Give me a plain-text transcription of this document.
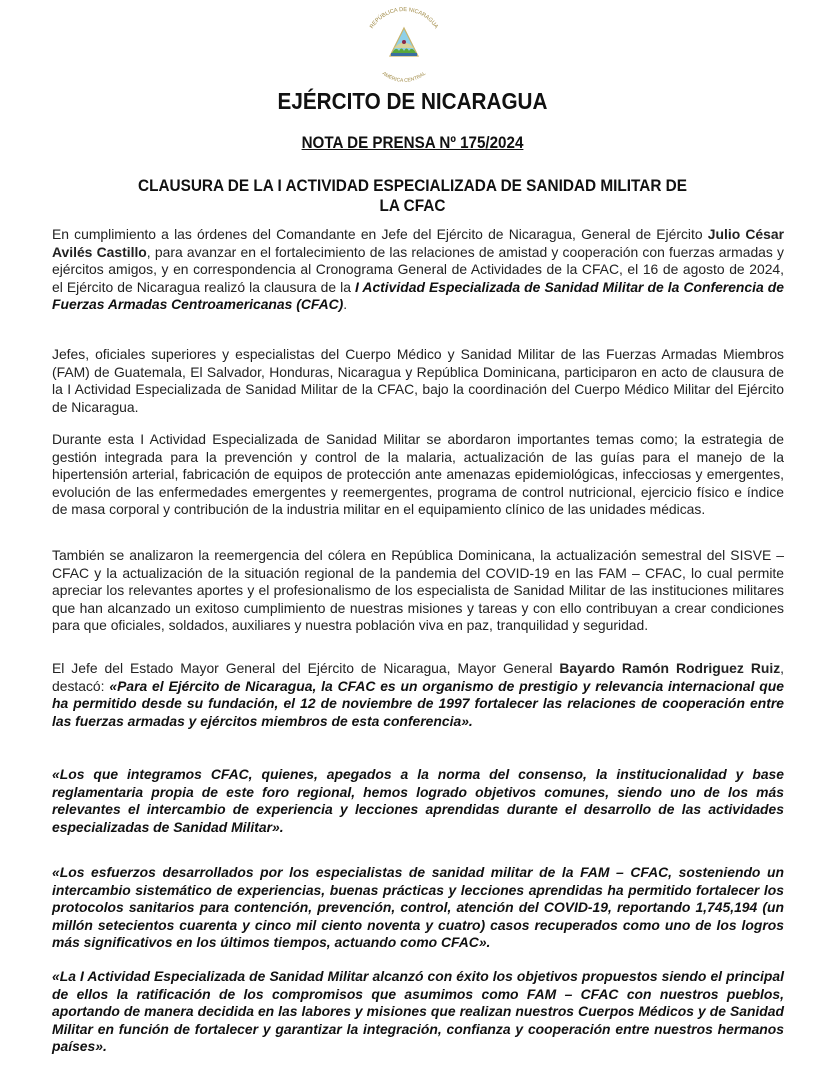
REPÚBLICA DE NICARAGUA
AMÉRICA CENTRAL
EJÉRCITO DE NICARAGUA
NOTA DE PRENSA Nº 175/2024
CLAUSURA DE LA I ACTIVIDAD ESPECIALIZADA DE SANIDAD MILITAR DE
LA CFAC

En cumplimiento a las órdenes del Comandante en Jefe del Ejército de Nicaragua, General de Ejército Julio César Avilés Castillo, para avanzar en el fortalecimiento de las relaciones de amistad y cooperación con fuerzas armadas y ejércitos amigos, y en correspondencia al Cronograma General de Actividades de la CFAC, el 16 de agosto de 2024, el Ejército de Nicaragua realizó la clausura de la I Actividad Especializada de Sanidad Militar de la Conferencia de Fuerzas Armadas Centroamericanas (CFAC).

Jefes, oficiales superiores y especialistas del Cuerpo Médico y Sanidad Militar de las Fuerzas Armadas Miembros (FAM) de Guatemala, El Salvador, Honduras, Nicaragua y República Dominicana, participaron en acto de clausura de la I Actividad Especializada de Sanidad Militar de la CFAC, bajo la coordinación del Cuerpo Médico Militar del Ejército de Nicaragua.

Durante esta I Actividad Especializada de Sanidad Militar se abordaron importantes temas como; la estrategia de gestión integrada para la prevención y control de la malaria, actualización de las guías para el manejo de la hipertensión arterial, fabricación de equipos de protección ante amenazas epidemiológicas, infecciosas y emergentes, evolución de las enfermedades emergentes y reemergentes, programa de control nutricional, ejercicio físico e índice de masa corporal y contribución de la industria militar en el equipamiento clínico de las unidades médicas.

También se analizaron la reemergencia del cólera en República Dominicana, la actualización semestral del SISVE – CFAC y la actualización de la situación regional de la pandemia del COVID-19 en las FAM – CFAC, lo cual permite apreciar los relevantes aportes y el profesionalismo de los especialista de Sanidad Militar de las instituciones militares que han alcanzado un exitoso cumplimiento de nuestras misiones y tareas y con ello contribuyan a crear condiciones para que oficiales, soldados, auxiliares y nuestra población viva en paz, tranquilidad y seguridad.

El Jefe del Estado Mayor General del Ejército de Nicaragua, Mayor General Bayardo Ramón Rodriguez Ruiz, destacó: «Para el Ejército de Nicaragua, la CFAC es un organismo de prestigio y relevancia internacional que ha permitido desde su fundación, el 12 de noviembre de 1997 fortalecer las relaciones de cooperación entre las fuerzas armadas y ejércitos miembros de esta conferencia».

«Los que integramos CFAC, quienes, apegados a la norma del consenso, la institucionalidad y base reglamentaria propia de este foro regional, hemos logrado objetivos comunes, siendo uno de los más relevantes el intercambio de experiencia y lecciones aprendidas durante el desarrollo de las actividades especializadas de Sanidad Militar».

«Los esfuerzos desarrollados por los especialistas de sanidad militar de la FAM – CFAC, sosteniendo un intercambio sistemático de experiencias, buenas prácticas y lecciones aprendidas ha permitido fortalecer los protocolos sanitarios para contención, prevención, control, atención del COVID-19, reportando 1,745,194 (un millón setecientos cuarenta y cinco mil ciento noventa y cuatro) casos recuperados como uno de los logros más significativos en los últimos tiempos, actuando como CFAC».

«La I Actividad Especializada de Sanidad Militar alcanzó con éxito los objetivos propuestos siendo el principal de ellos la ratificación de los compromisos que asumimos como FAM – CFAC con nuestros pueblos, aportando de manera decidida en las labores y misiones que realizan nuestros Cuerpos Médicos y de Sanidad Militar en función de fortalecer y garantizar la integración, confianza y cooperación entre nuestros hermanos países».
